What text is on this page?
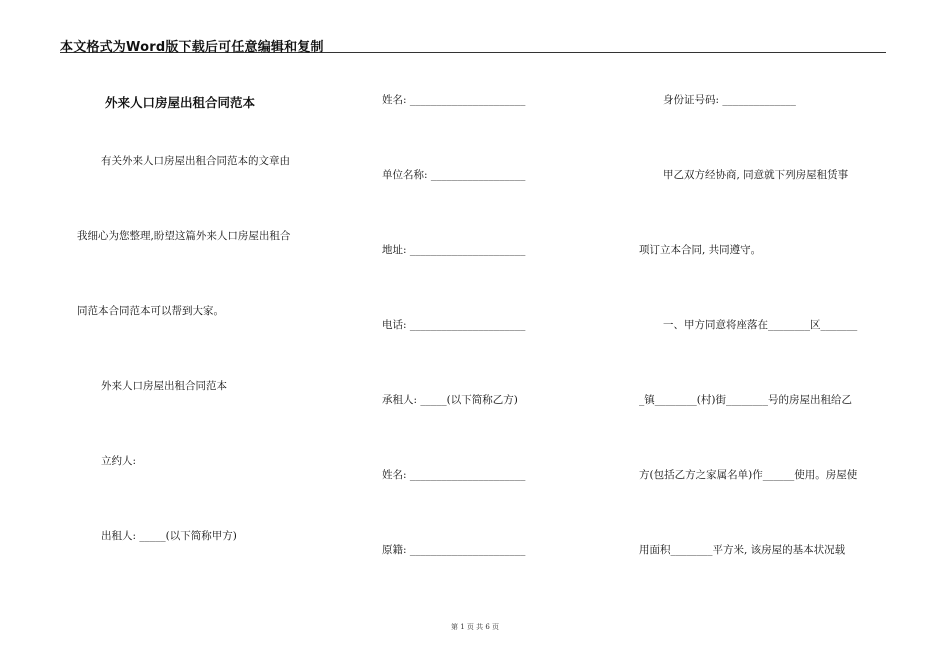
本文格式为Word版下载后可任意编辑和复制
外来人口房屋出租合同范本
有关外来人口房屋出租合同范本的文章由
我细心为您整理,盼望这篇外来人口房屋出租合
同范本合同范本可以帮到大家。
外来人口房屋出租合同范本
立约人:
出租人: _____(以下简称甲方)
姓名: ______________________
单位名称: __________________
地址: ______________________
电话: ______________________
承租人: _____(以下简称乙方)
姓名: ______________________
原籍: ______________________
身份证号码: ______________
甲乙双方经协商, 同意就下列房屋租赁事
项订立本合同, 共同遵守。
一、甲方同意将座落在________区_______
_镇________(村)街________号的房屋出租给乙
方(包括乙方之家属名单)作______使用。房屋使
用面积________平方米, 该房屋的基本状况载
第 1 页 共 6 页
